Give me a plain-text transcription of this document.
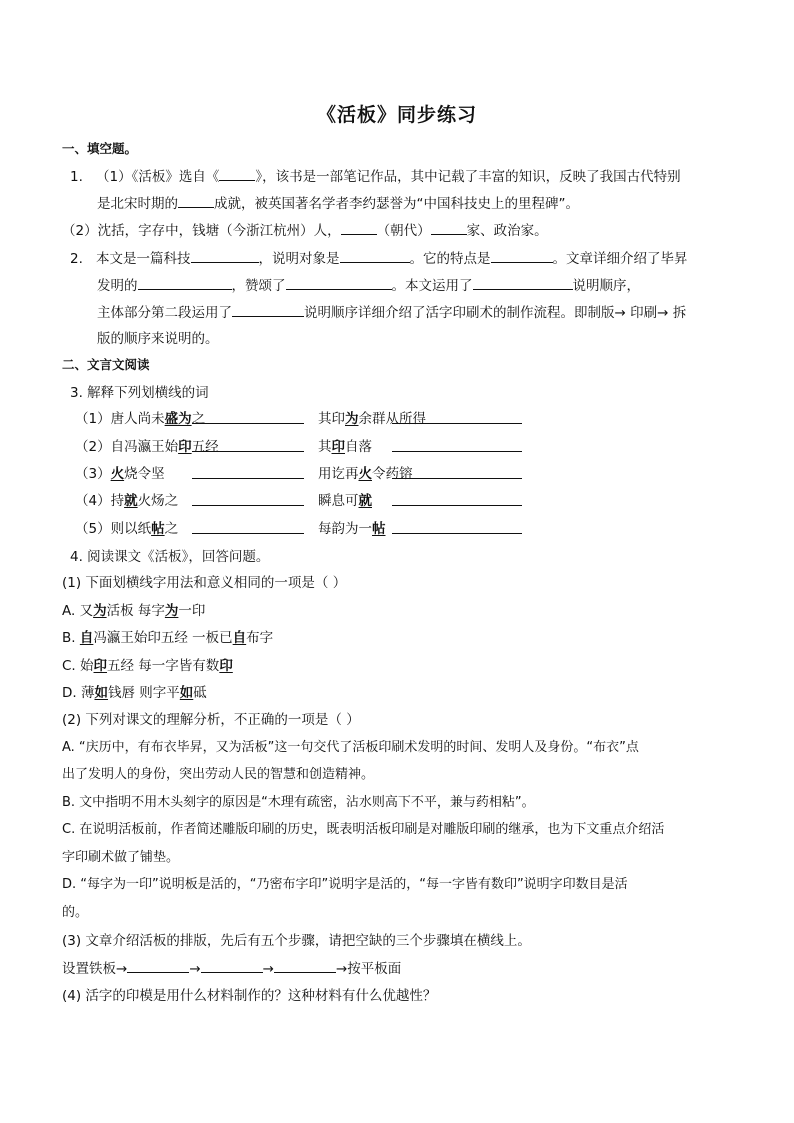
《活板》同步练习
一、填空题。
1. （1）《活板》选自《	》，该书是一部笔记作品，其中记载了丰富的知识，反映了我国古代特别
是北宋时期的	成就，被英国著名学者李约瑟誉为“中国科技史上的里程碑”。
（2）沈括，字存中，钱塘（今浙江杭州）人，	（朝代）	家、政治家。
2. 本文是一篇科技	，说明对象是	。它的特点是	。文章详细介绍了毕昇
发明的	，赞颂了	。本文运用了	说明顺序，
主体部分第二段运用了	说明顺序详细介绍了活字印刷术的制作流程。即制版→ 印刷→ 拆
版的顺序来说明的。
二、文言文阅读
3. 解释下列划横线的词
（1）唐人尚未盛为之	其印为余群从所得
（2）自冯瀛王始印五经	其印自落
（3）火烧令坚	用讫再火令药镕
（4）持就火炀之	瞬息可就
（5）则以纸帖之	每韵为一帖
4. 阅读课文《活板》，回答问题。
(1) 下面划横线字用法和意义相同的一项是（ ）
A. 又为活板 每字为一印
B. 自冯瀛王始印五经 一板已自布字
C. 始印五经 每一字皆有数印
D. 薄如钱唇 则字平如砥
(2) 下列对课文的理解分析，不正确的一项是（ ）
A. “庆历中，有布衣毕昇，又为活板”这一句交代了活板印刷术发明的时间、发明人及身份。“布衣”点
出了发明人的身份，突出劳动人民的智慧和创造精神。
B. 文中指明不用木头刻字的原因是“木理有疏密，沾水则高下不平，兼与药相粘”。
C. 在说明活板前，作者简述雕版印刷的历史，既表明活板印刷是对雕版印刷的继承，也为下文重点介绍活
字印刷术做了铺垫。
D. “每字为一印”说明板是活的，“乃密布字印”说明字是活的，“每一字皆有数印”说明字印数目是活
的。
(3) 文章介绍活板的排版，先后有五个步骤，请把空缺的三个步骤填在横线上。
设置铁板→	→	→	→按平板面
(4) 活字的印模是用什么材料制作的？这种材料有什么优越性？
